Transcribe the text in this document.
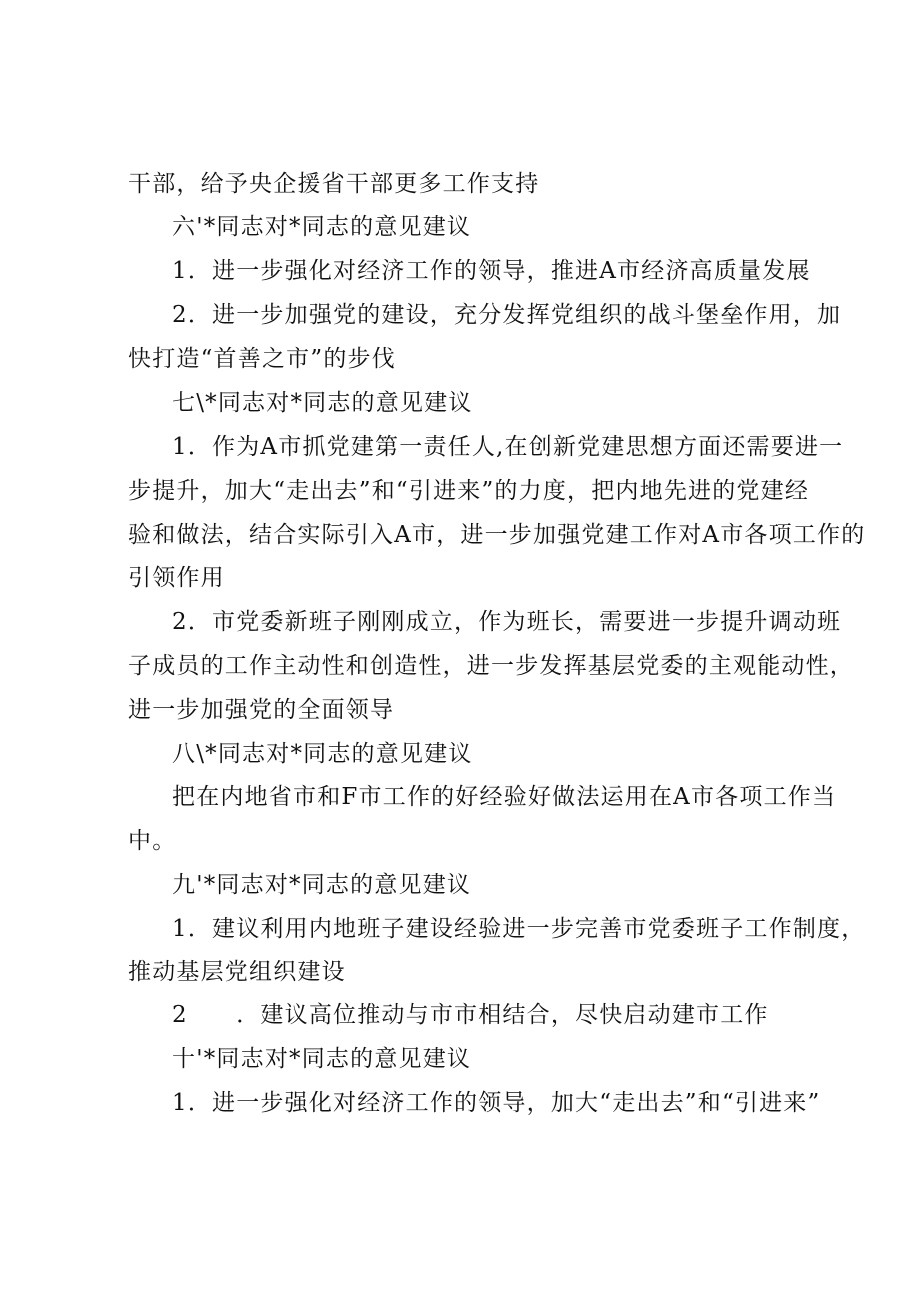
干部，给予央企援省干部更多工作支持
六'*同志对*同志的意见建议
1．进一步强化对经济工作的领导，推进A市经济高质量发展
2．进一步加强党的建设，充分发挥党组织的战斗堡垒作用，加
快打造“首善之市”的步伐
七\*同志对*同志的意见建议
1．作为A市抓党建第一责任人,在创新党建思想方面还需要进一
步提升，加大“走出去”和“引进来”的力度，把内地先进的党建经
验和做法，结合实际引入A市，进一步加强党建工作对A市各项工作的
引领作用
2．市党委新班子刚刚成立，作为班长，需要进一步提升调动班
子成员的工作主动性和创造性，进一步发挥基层党委的主观能动性，
进一步加强党的全面领导
八\*同志对*同志的意见建议
把在内地省市和F市工作的好经验好做法运用在A市各项工作当
中。
九'*同志对*同志的意见建议
1．建议利用内地班子建设经验进一步完善市党委班子工作制度，
推动基层党组织建设
2　　．建议高位推动与市市相结合，尽快启动建市工作
十'*同志对*同志的意见建议
1．进一步强化对经济工作的领导，加大“走出去”和“引进来”
